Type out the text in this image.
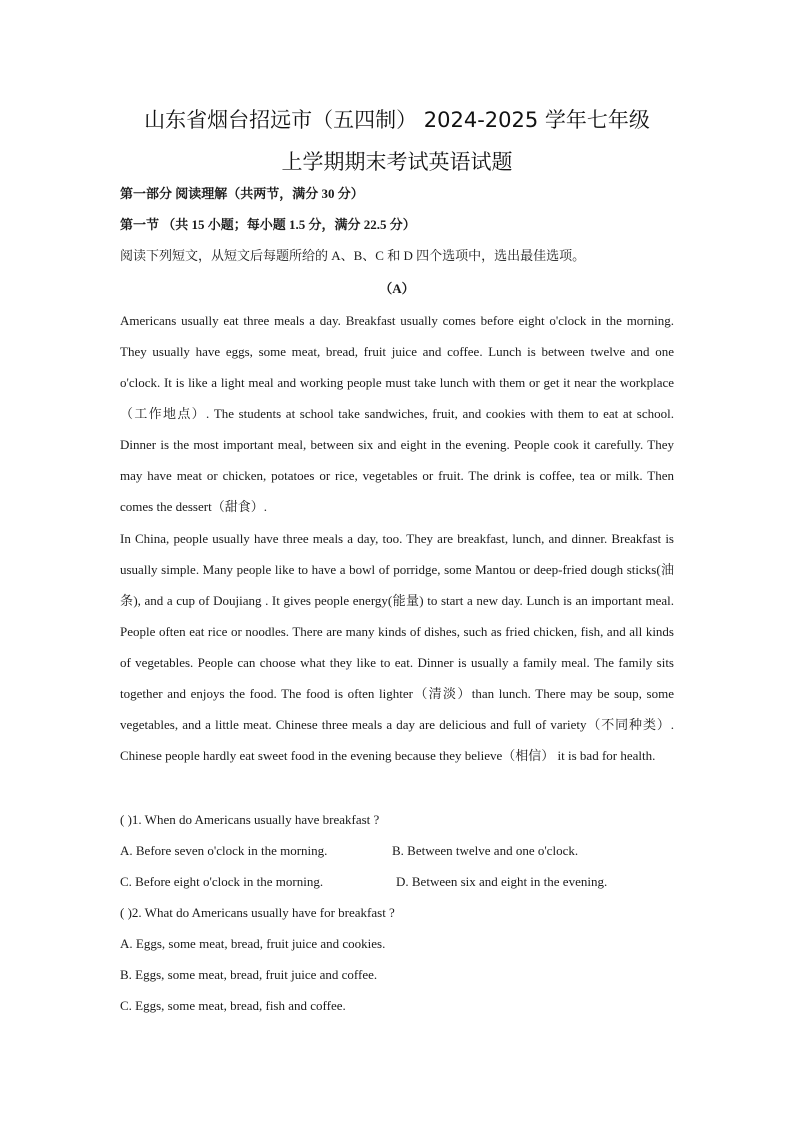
山东省烟台招远市（五四制） 2024-2025 学年七年级
上学期期末考试英语试题
第一部分 阅读理解（共两节，满分 30 分）
第一节 （共 15 小题；每小题 1.5 分，满分 22.5 分）
阅读下列短文，从短文后每题所给的 A、B、C 和 D 四个选项中，选出最佳选项。
（A）
Americans usually eat three meals a day. Breakfast usually comes before eight o'clock in the morning. They usually have eggs, some meat, bread, fruit juice and coffee. Lunch is between twelve and one o'clock. It is like a light meal and working people must take lunch with them or get it near the workplace（工作地点）. The students at school take sandwiches, fruit, and cookies with them to eat at school. Dinner is the most important meal, between six and eight in the evening. People cook it carefully. They may have meat or chicken, potatoes or rice, vegetables or fruit. The drink is coffee, tea or milk. Then comes the dessert（甜食）.
In China, people usually have three meals a day, too. They are breakfast, lunch, and dinner. Breakfast is usually simple. Many people like to have a bowl of porridge, some Mantou or deep-fried dough sticks(油条), and a cup of Doujiang . It gives people energy(能量) to start a new day. Lunch is an important meal. People often eat rice or noodles. There are many kinds of dishes, such as fried chicken, fish, and all kinds of vegetables. People can choose what they like to eat. Dinner is usually a family meal. The family sits together and enjoys the food. The food is often lighter（清淡）than lunch. There may be soup, some vegetables, and a little meat. Chinese three meals a day are delicious and full of variety（不同种类）. Chinese people hardly eat sweet food in the evening because they believe（相信） it is bad for health.
( )1. When do Americans usually have breakfast ?
A. Before seven o'clock in the morning.	B. Between twelve and one o'clock.
C. Before eight o'clock in the morning.	D. Between six and eight in the evening.
( )2. What do Americans usually have for breakfast ?
A. Eggs, some meat, bread, fruit juice and cookies.
B. Eggs, some meat, bread, fruit juice and coffee.
C. Eggs, some meat, bread, fish and coffee.
